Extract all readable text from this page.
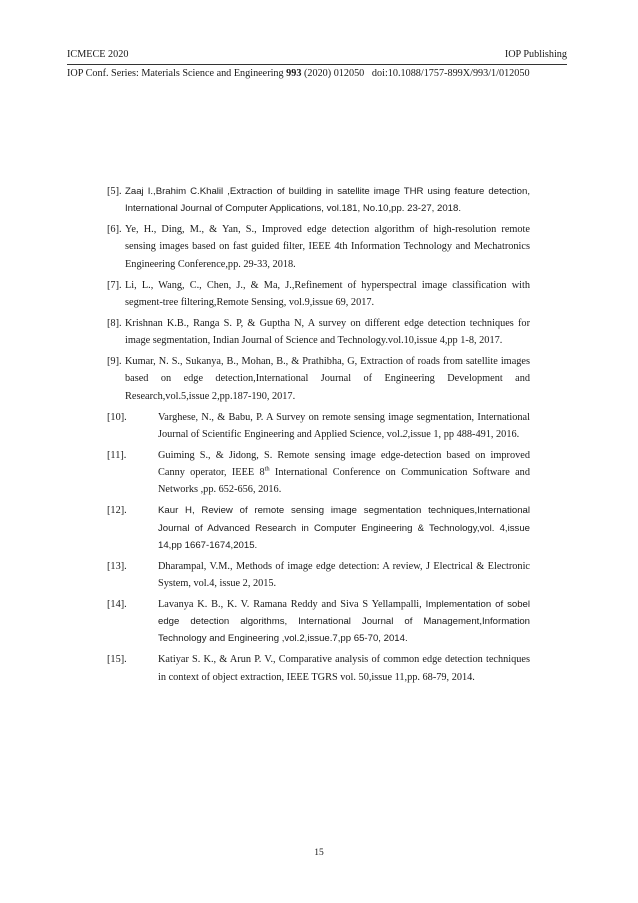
ICMECE 2020	IOP Publishing
IOP Conf. Series: Materials Science and Engineering 993 (2020) 012050 doi:10.1088/1757-899X/993/1/012050
[5]. Zaaj I.,Brahim C.Khalil ,Extraction of building in satellite image THR using feature detection, International Journal of Computer Applications, vol.181, No.10,pp. 23-27, 2018.
[6]. Ye, H., Ding, M., & Yan, S., Improved edge detection algorithm of high-resolution remote sensing images based on fast guided filter, IEEE 4th Information Technology and Mechatronics Engineering Conference,pp. 29-33, 2018.
[7]. Li, L., Wang, C., Chen, J., & Ma, J.,Refinement of hyperspectral image classification with segment-tree filtering,Remote Sensing, vol.9,issue 69, 2017.
[8]. Krishnan K.B., Ranga S. P, & Guptha N, A survey on different edge detection techniques for image segmentation, Indian Journal of Science and Technology.vol.10,issue 4,pp 1-8, 2017.
[9]. Kumar, N. S., Sukanya, B., Mohan, B., & Prathibha, G, Extraction of roads from satellite images based on edge detection,International Journal of Engineering Development and Research,vol.5,issue 2,pp.187-190, 2017.
[10].	Varghese, N., & Babu, P. A Survey on remote sensing image segmentation, International Journal of Scientific Engineering and Applied Science, vol.2,issue 1, pp 488-491, 2016.
[11].	Guiming S., & Jidong, S. Remote sensing image edge-detection based on improved Canny operator, IEEE 8th International Conference on Communication Software and Networks ,pp. 652-656, 2016.
[12].	Kaur H, Review of remote sensing image segmentation techniques,International Journal of Advanced Research in Computer Engineering & Technology,vol. 4,issue 14,pp 1667-1674,2015.
[13].	Dharampal, V.M., Methods of image edge detection: A review, J Electrical & Electronic System, vol.4, issue 2, 2015.
[14].	Lavanya K. B., K. V. Ramana Reddy and Siva S Yellampalli, Implementation of sobel edge detection algorithms, International Journal of Management,Information Technology and Engineering ,vol.2,issue.7,pp 65-70, 2014.
[15].	Katiyar S. K., & Arun P. V., Comparative analysis of common edge detection techniques in context of object extraction, IEEE TGRS vol. 50,issue 11,pp. 68-79, 2014.
15
